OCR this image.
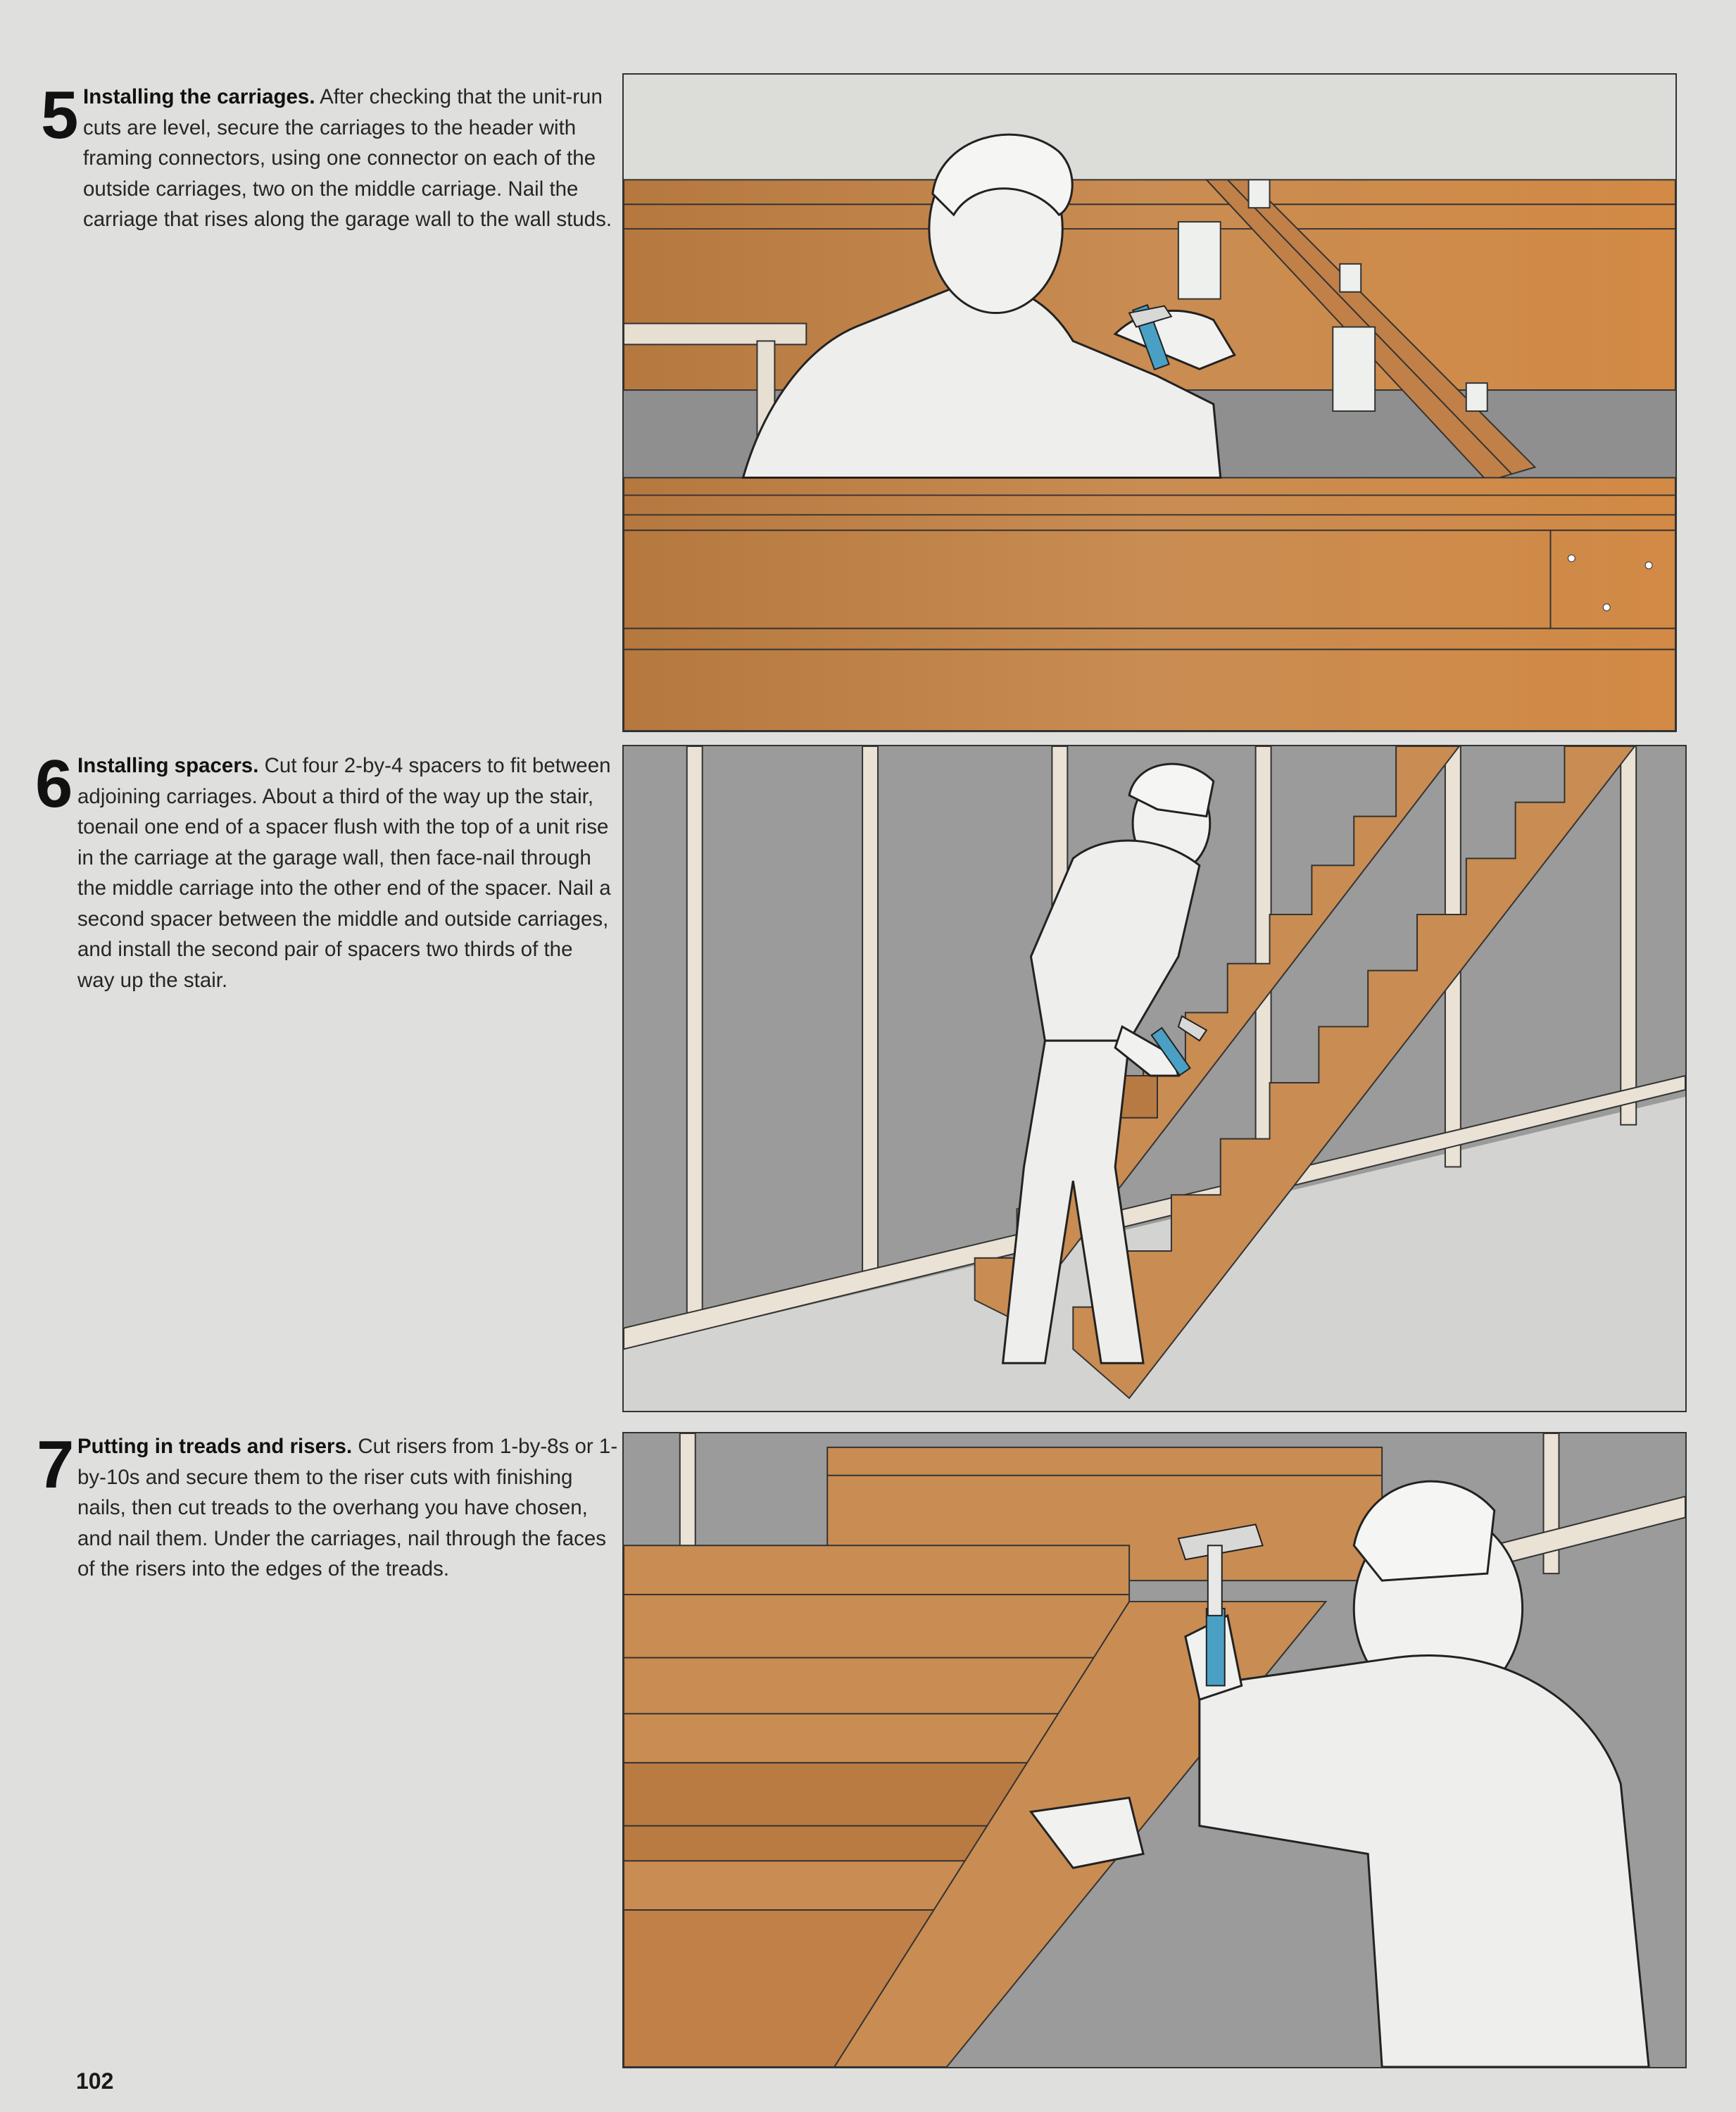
5 Installing the carriages. After checking that the unit-run cuts are level, secure the carriages to the header with framing connectors, using one connector on each of the outside carriages, two on the middle carriage. Nail the carriage that rises along the garage wall to the wall studs.
6 Installing spacers. Cut four 2-by-4 spacers to fit between adjoining carriages. About a third of the way up the stair, toenail one end of a spacer flush with the top of a unit rise in the carriage at the garage wall, then face-nail through the middle carriage into the other end of the spacer. Nail a second spacer between the middle and outside carriages, and install the second pair of spacers two thirds of the way up the stair.
7 Putting in treads and risers. Cut risers from 1-by-8s or 1-by-10s and secure them to the riser cuts with finishing nails, then cut treads to the overhang you have chosen, and nail them. Under the carriages, nail through the faces of the risers into the edges of the treads.
102
